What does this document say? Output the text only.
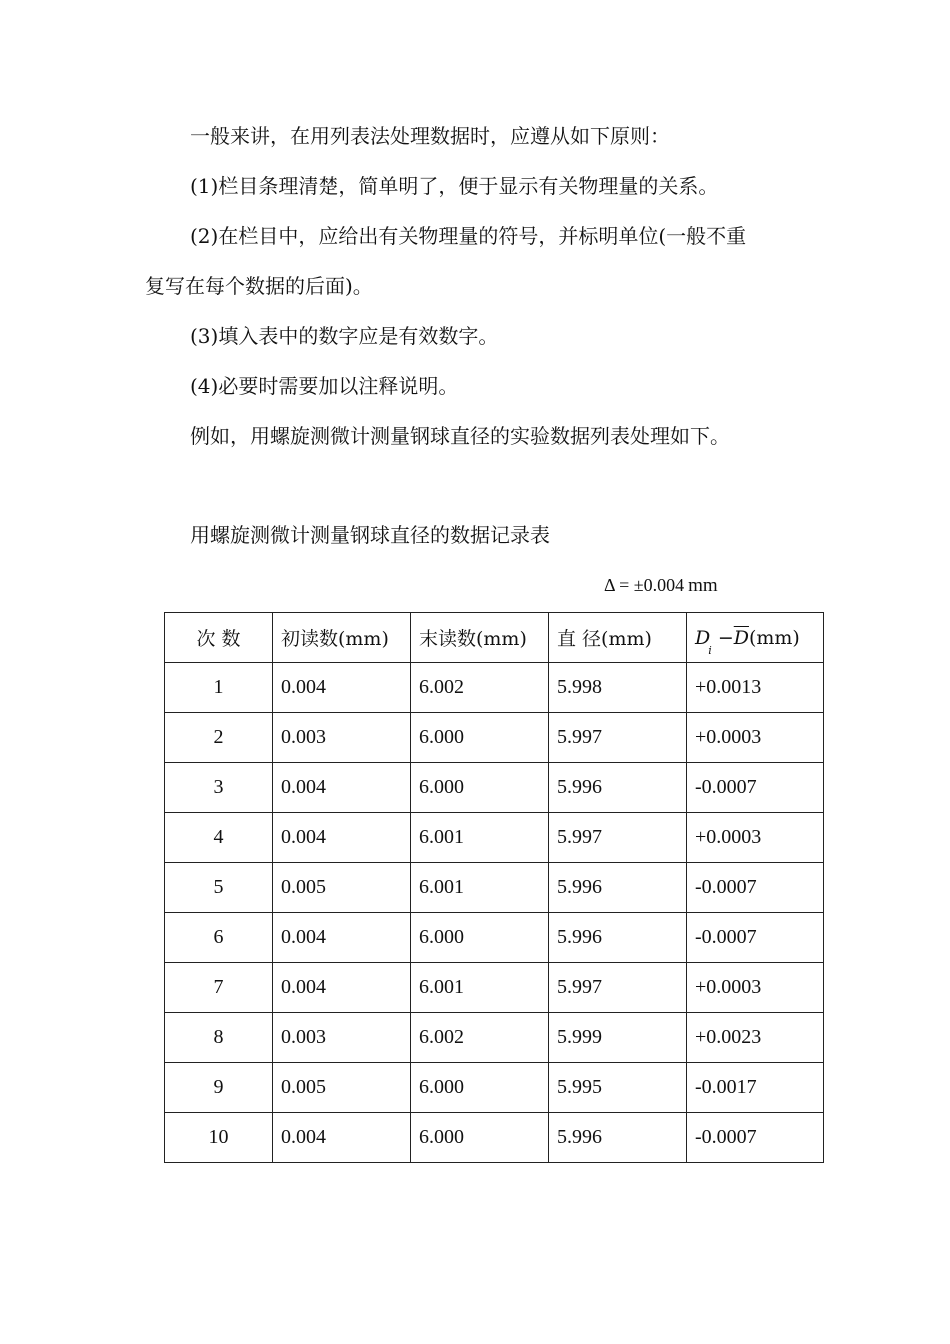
一般来讲，在用列表法处理数据时，应遵从如下原则：
(1)栏目条理清楚，简单明了，便于显示有关物理量的关系。
(2)在栏目中，应给出有关物理量的符号，并标明单位(一般不重
复写在每个数据的后面)。
(3)填入表中的数字应是有效数字。
(4)必要时需要加以注释说明。
例如，用螺旋测微计测量钢球直径的实验数据列表处理如下。
用螺旋测微计测量钢球直径的数据记录表
Δ = ±0.004 mm
次 数	初读数(mm)	末读数(mm)	直 径(mm)	$D_i -\overline{D}(mm)$
1	0.004	6.002	5.998	+0.0013
2	0.003	6.000	5.997	+0.0003
3	0.004	6.000	5.996	-0.0007
4	0.004	6.001	5.997	+0.0003
5	0.005	6.001	5.996	-0.0007
6	0.004	6.000	5.996	-0.0007
7	0.004	6.001	5.997	+0.0003
8	0.003	6.002	5.999	+0.0023
9	0.005	6.000	5.995	-0.0017
10	0.004	6.000	5.996	-0.0007
